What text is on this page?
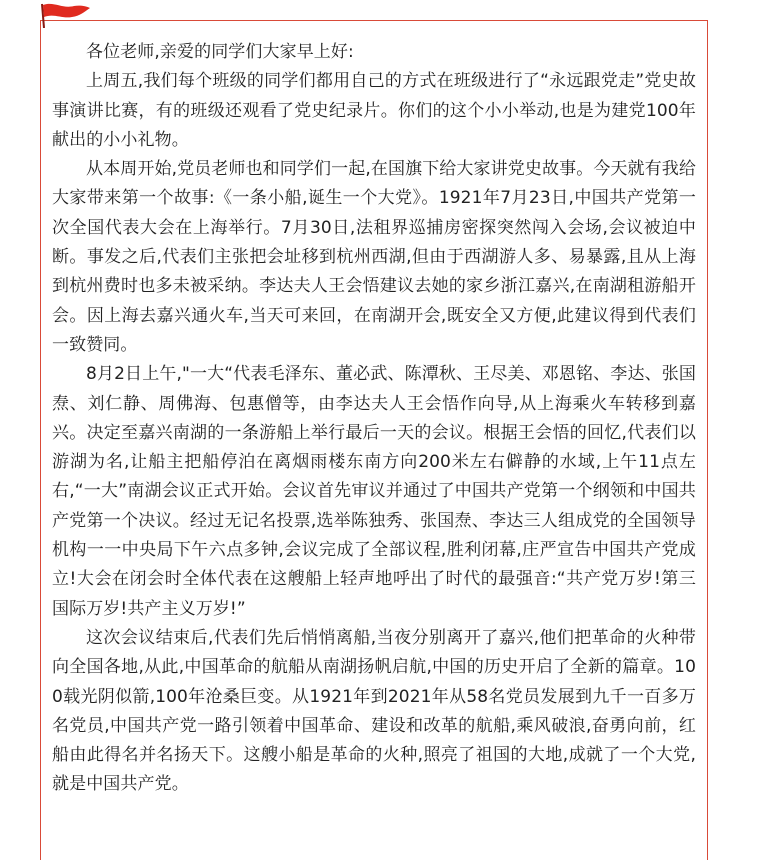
各位老师,亲爱的同学们大家早上好:

上周五,我们每个班级的同学们都用自己的方式在班级进行了“永远跟党走”党史故事演讲比赛，有的班级还观看了党史纪录片。你们的这个小小举动,也是为建党100年献出的小小礼物。

从本周开始,党员老师也和同学们一起,在国旗下给大家讲党史故事。今天就有我给大家带来第一个故事:《一条小船,诞生一个大党》。1921年7月23日,中国共产党第一次全国代表大会在上海举行。7月30日,法租界巡捕房密探突然闯入会场,会议被迫中断。事发之后,代表们主张把会址移到杭州西湖,但由于西湖游人多、易暴露,且从上海到杭州费时也多未被采纳。李达夫人王会悟建议去她的家乡浙江嘉兴,在南湖租游船开会。因上海去嘉兴通火车,当天可来回，在南湖开会,既安全又方便,此建议得到代表们一致赞同。

8月2日上午,"一大“代表毛泽东、董必武、陈潭秋、王尽美、邓恩铭、李达、张国焘、刘仁静、周佛海、包惠僧等，由李达夫人王会悟作向导,从上海乘火车转移到嘉兴。决定至嘉兴南湖的一条游船上举行最后一天的会议。根据王会悟的回忆,代表们以游湖为名,让船主把船停泊在离烟雨楼东南方向200米左右僻静的水域,上午11点左右,“一大”南湖会议正式开始。会议首先审议并通过了中国共产党第一个纲领和中国共产党第一个决议。经过无记名投票,选举陈独秀、张国焘、李达三人组成党的全国领导机构一一中央局下午六点多钟,会议完成了全部议程,胜利闭幕,庄严宣告中国共产党成立!大会在闭会时全体代表在这艘船上轻声地呼出了时代的最强音:“共产党万岁!第三国际万岁!共产主义万岁!”

这次会议结束后,代表们先后悄悄离船,当夜分别离开了嘉兴,他们把革命的火种带向全国各地,从此,中国革命的航船从南湖扬帆启航,中国的历史开启了全新的篇章。100载光阴似箭,100年沧桑巨变。从1921年到2021年从58名党员发展到九千一百多万名党员,中国共产党一路引领着中国革命、建设和改革的航船,乘风破浪,奋勇向前，红船由此得名并名扬天下。这艘小船是革命的火种,照亮了祖国的大地,成就了一个大党,就是中国共产党。
